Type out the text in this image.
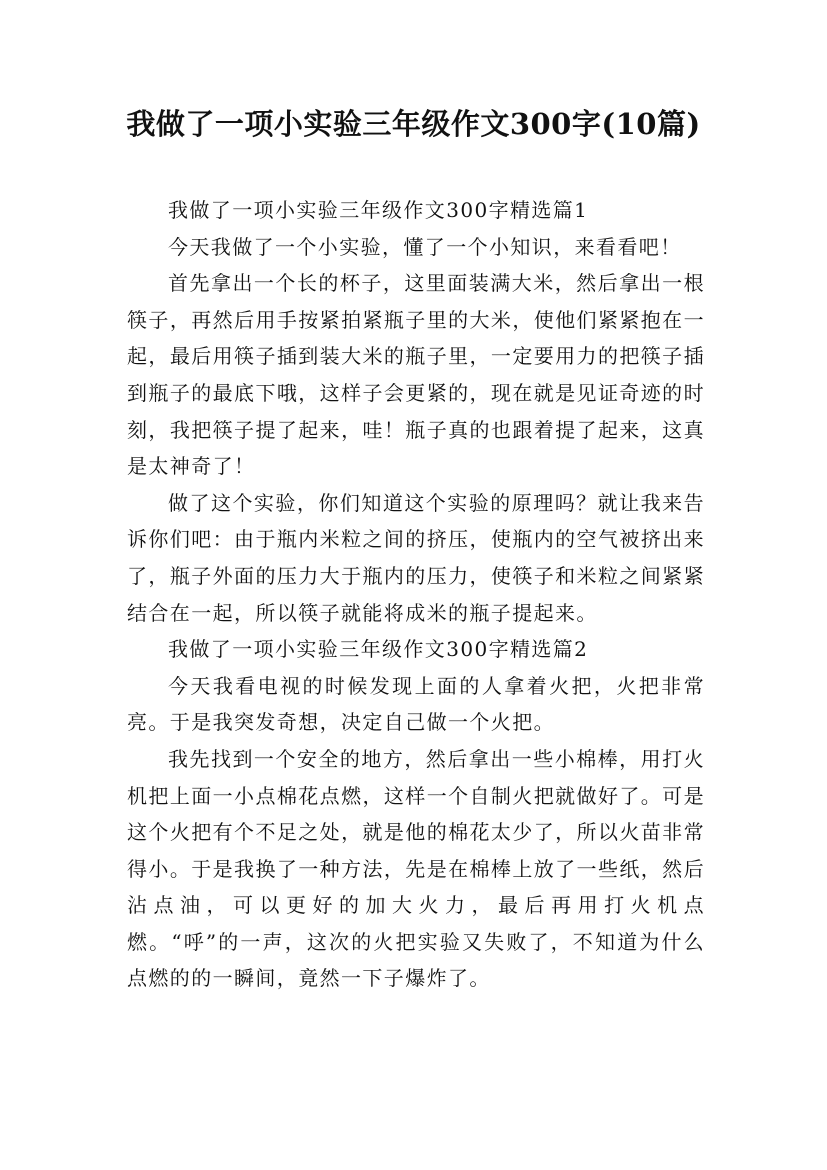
我做了一项小实验三年级作文300字(10篇)

我做了一项小实验三年级作文300字精选篇1

今天我做了一个小实验，懂了一个小知识，来看看吧！

首先拿出一个长的杯子，这里面装满大米，然后拿出一根筷子，再然后用手按紧拍紧瓶子里的大米，使他们紧紧抱在一起，最后用筷子插到装大米的瓶子里，一定要用力的把筷子插到瓶子的最底下哦，这样子会更紧的，现在就是见证奇迹的时刻，我把筷子提了起来，哇！瓶子真的也跟着提了起来，这真是太神奇了！

做了这个实验，你们知道这个实验的原理吗？就让我来告诉你们吧：由于瓶内米粒之间的挤压，使瓶内的空气被挤出来了，瓶子外面的压力大于瓶内的压力，使筷子和米粒之间紧紧结合在一起，所以筷子就能将成米的瓶子提起来。

我做了一项小实验三年级作文300字精选篇2

今天我看电视的时候发现上面的人拿着火把，火把非常亮。于是我突发奇想，决定自己做一个火把。

我先找到一个安全的地方，然后拿出一些小棉棒，用打火机把上面一小点棉花点燃，这样一个自制火把就做好了。可是这个火把有个不足之处，就是他的棉花太少了，所以火苗非常得小。于是我换了一种方法，先是在棉棒上放了一些纸，然后沾点油，可以更好的加大火力，最后再用打火机点燃。“呼”的一声，这次的火把实验又失败了，不知道为什么点燃的的一瞬间，竟然一下子爆炸了。
